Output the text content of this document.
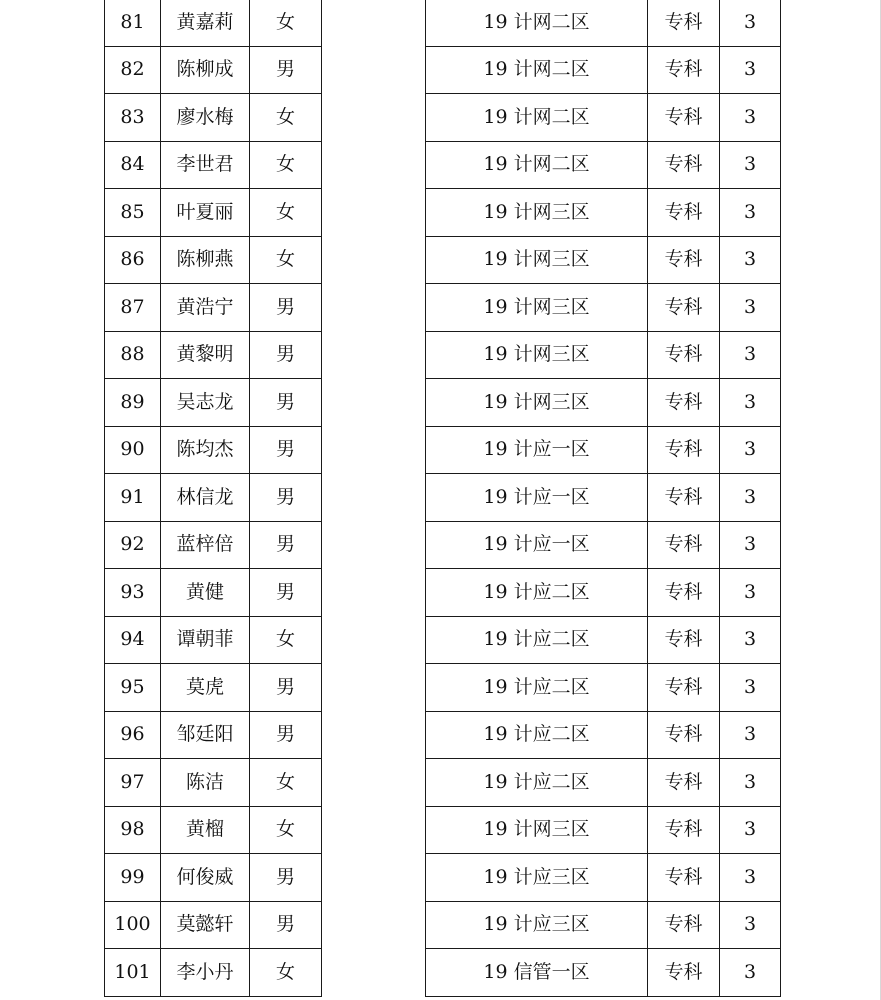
81	黄嘉莉	女		19 计网二区	专科	3
82	陈柳成	男		19 计网二区	专科	3
83	廖水梅	女		19 计网二区	专科	3
84	李世君	女		19 计网二区	专科	3
85	叶夏丽	女		19 计网三区	专科	3
86	陈柳燕	女		19 计网三区	专科	3
87	黄浩宁	男		19 计网三区	专科	3
88	黄黎明	男		19 计网三区	专科	3
89	吴志龙	男		19 计网三区	专科	3
90	陈均杰	男		19 计应一区	专科	3
91	林信龙	男		19 计应一区	专科	3
92	蓝梓倍	男		19 计应一区	专科	3
93	黄健	男		19 计应二区	专科	3
94	谭朝菲	女		19 计应二区	专科	3
95	莫虎	男		19 计应二区	专科	3
96	邹廷阳	男		19 计应二区	专科	3
97	陈洁	女		19 计应二区	专科	3
98	黄榴	女		19 计网三区	专科	3
99	何俊威	男		19 计应三区	专科	3
100	莫懿轩	男		19 计应三区	专科	3
101	李小丹	女		19 信管一区	专科	3
